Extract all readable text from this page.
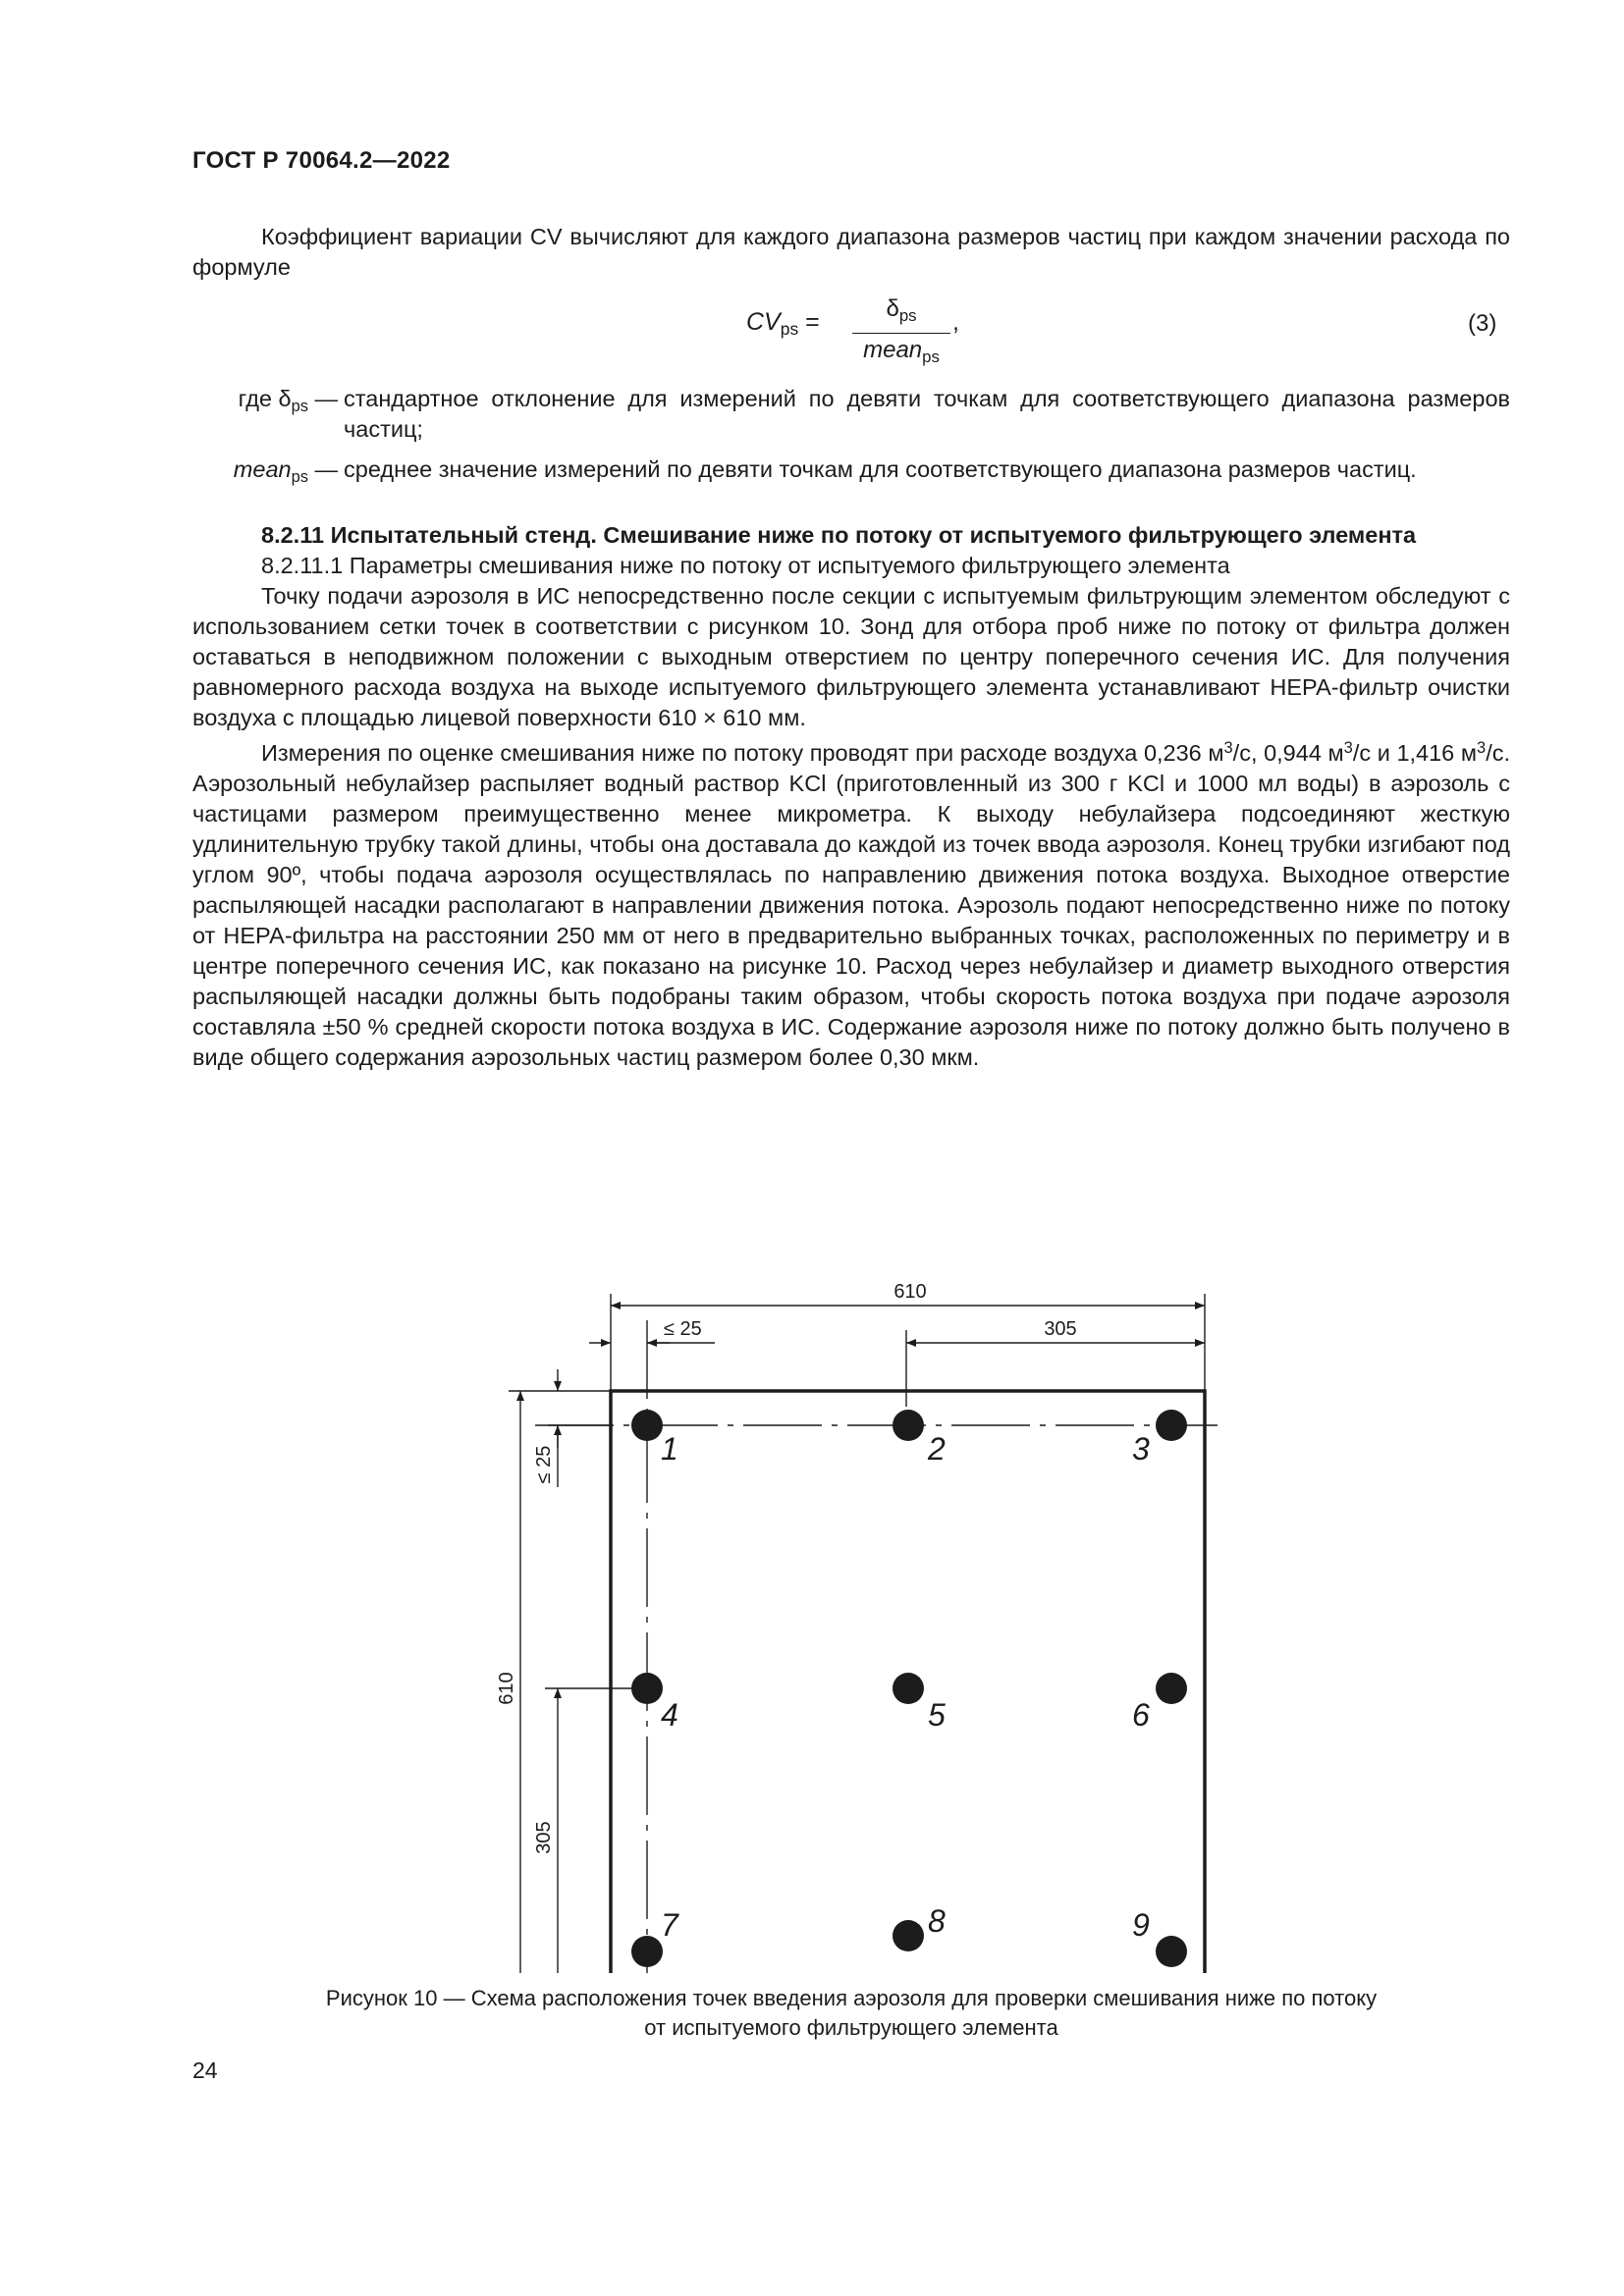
ГОСТ Р 70064.2—2022

Коэффициент вариации CV вычисляют для каждого диапазона размеров частиц при каждом значении расхода по формуле

$CV_{ps}$ =	$\delta_{ps}$
mean$_{ps}$
,	(3)
где $\delta_{ps}$ — стандартное отклонение для измерений по девяти точкам для соответствующего диапазона размеров частиц;
mean$_{ps}$ — среднее значение измерений по девяти точкам для соответствующего диапазона размеров частиц.

8.2.11 Испытательный стенд. Смешивание ниже по потоку от испытуемого фильтрующего элемента

8.2.11.1 Параметры смешивания ниже по потоку от испытуемого фильтрующего элемента

Точку подачи аэрозоля в ИС непосредственно после секции с испытуемым фильтрующим элементом обследуют с использованием сетки точек в соответствии с рисунком 10. Зонд для отбора проб ниже по потоку от фильтра должен оставаться в неподвижном положении с выходным отверстием по центру поперечного сечения ИС. Для получения равномерного расхода воздуха на выходе испытуемого фильтрующего элемента устанавливают НЕРА-фильтр очистки воздуха с площадью лицевой поверхности 610 × 610 мм.

Измерения по оценке смешивания ниже по потоку проводят при расходе воздуха 0,236 $м^3/с$, 0,944 $м^3/с$ и 1,416 $м^3/с$. Аэрозольный небулайзер распыляет водный раствор KCl (приготовленный из 300 г KCl и 1000 мл воды) в аэрозоль с частицами размером преимущественно менее микрометра. К выходу небулайзера подсоединяют жесткую удлинительную трубку такой длины, чтобы она доставала до каждой из точек ввода аэрозоля. Конец трубки изгибают под углом 90º, чтобы подача аэрозоля осуществлялась по направлению движения потока воздуха. Выходное отверстие распыляющей насадки располагают в направлении движения потока. Аэрозоль подают непосредственно ниже по потоку от НЕРА-фильтра на расстоянии 250 мм от него в предварительно выбранных точках, расположенных по периметру и в центре поперечного сечения ИС, как показано на рисунке 10. Расход через небулайзер и диаметр выходного отверстия распыляющей насадки должны быть подобраны таким образом, чтобы скорость потока воздуха при подаче аэрозоля составляла ±50 % средней скорости потока воздуха в ИС. Содержание аэрозоля ниже по потоку должно быть получено в виде общего содержания аэрозольных частиц размером более 0,30 мкм.

610
305
≤ 25
610
305
≤ 25	1	2	3
4	5	6
7	8	9
Рисунок 10 — Схема расположения точек введения аэрозоля для проверки смешивания ниже по потоку
от испытуемого фильтрующего элемента
24
